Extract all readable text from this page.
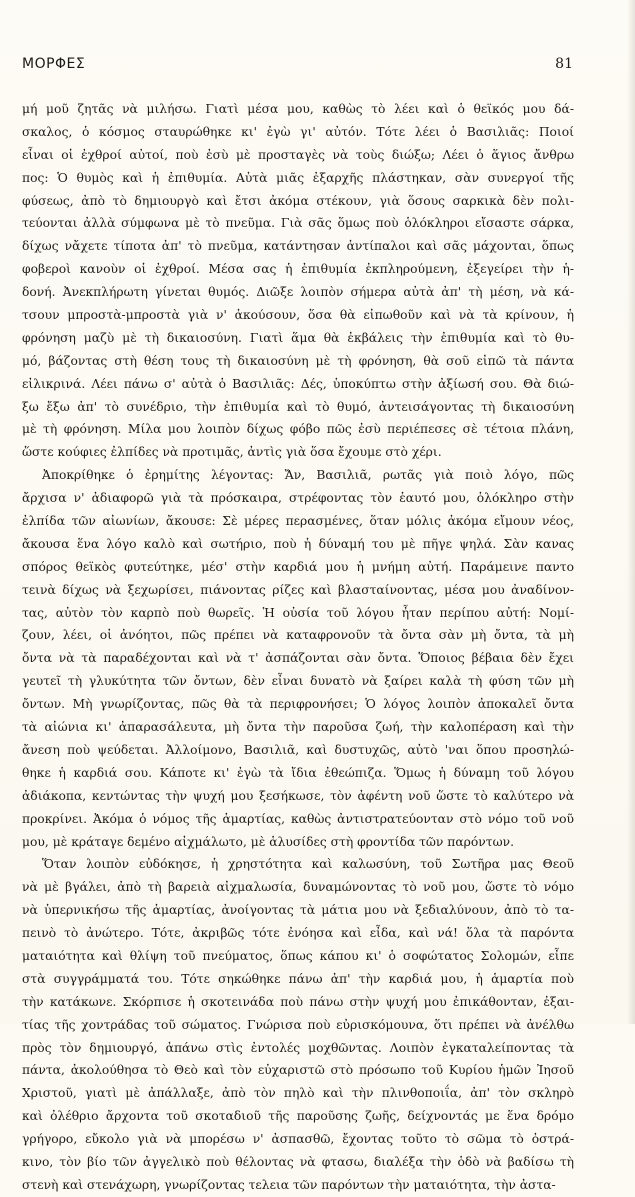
ΜΟΡΦΕΣ	81
μή μοῦ ζητᾶς νὰ μιλήσω. Γιατὶ μέσα μου, καθὼς τὸ λέει καὶ ὁ θεϊκός μου δά-
σκαλος, ὁ κόσμος σταυρώθηκε κι' ἐγὼ γι' αὐτόν. Τότε λέει ὁ Βασιλιᾶς: Ποιοί
εἶναι οἱ ἐχθροί αὐτοί, ποὺ ἐσὺ μὲ προσταγὲς νὰ τοὺς διώξω; Λέει ὁ ἅγιος ἄνθρω
πος: Ὁ θυμὸς καὶ ἡ ἐπιθυμία. Αὐτὰ μιᾶς ἐξαρχῆς πλάστηκαν, σὰν συνεργοί τῆς
φύσεως, ἀπὸ τὸ δημιουργὸ καὶ ἔτσι ἀκόμα στέκουν, γιὰ ὅσους σαρκικὰ δὲν πολι-
τεύονται ἀλλὰ σύμφωνα μὲ τὸ πνεῦμα. Γιὰ σᾶς ὅμως ποὺ ὁλόκληροι εἴσαστε σάρκα,
δίχως νἄχετε τίποτα ἀπ' τὸ πνεῦμα, κατάντησαν ἀντίπαλοι καὶ σᾶς μάχονται, ὅπως
φοβεροὶ κανοὺν οἱ ἐχθροί. Μέσα σας ἡ ἐπιθυμία ἐκπληρούμενη, ἐξεγείρει τὴν ἡ-
δονή. Ἀνεκπλήρωτη γίνεται θυμός. Διῶξε λοιπὸν σήμερα αὐτὰ ἀπ' τὴ μέση, νὰ κά-
τσουν μπροστὰ-μπροστὰ γιὰ ν' ἀκούσουν, ὅσα θὰ εἰπωθοῦν καὶ νὰ τὰ κρίνουν, ἡ
φρόνηση μαζὺ μὲ τὴ δικαιοσύνη. Γιατὶ ἅμα θὰ ἐκβάλεις τὴν ἐπιθυμία καὶ τὸ θυ-
μό, βάζοντας στὴ θέση τους τὴ δικαιοσύνη μὲ τὴ φρόνηση, θὰ σοῦ εἰπῶ τὰ πάντα
εἰλικρινά. Λέει πάνω σ' αὐτὰ ὁ Βασιλιᾶς: Δές, ὑποκύπτω στὴν ἀξίωσή σου. Θὰ διώ-
ξω ἔξω ἀπ' τὸ συνέδριο, τὴν ἐπιθυμία καὶ τὸ θυμό, ἀντεισάγοντας τὴ δικαιοσύνη
μὲ τὴ φρόνηση. Μίλα μου λοιπὸν δίχως φόβο πῶς ἐσὺ περιέπεσες σὲ τέτοια πλάνη,
ὥστε κούφιες ἐλπίδες νὰ προτιμᾶς, ἀντὶς γιὰ ὅσα ἔχουμε στὸ χέρι.
Ἀποκρίθηκε ὁ ἐρημίτης λέγοντας: Ἄν, Βασιλιᾶ, ρωτᾶς γιὰ ποιὸ λόγο, πῶς
ἄρχισα ν' ἀδιαφορῶ γιὰ τὰ πρόσκαιρα, στρέφοντας τὸν ἑαυτό μου, ὁλόκληρο στὴν
ἐλπίδα τῶν αἰωνίων, ἄκουσε: Σὲ μέρες περασμένες, ὅταν μόλις ἀκόμα εἴμουν νέος,
ἄκουσα ἕνα λόγο καλὸ καὶ σωτήριο, ποὺ ἡ δύναμή του μὲ πῆγε ψηλά. Σὰν κανας
σπόρος θεϊκὸς φυτεύτηκε, μέσ' στὴν καρδιά μου ἡ μνήμη αὐτή. Παράμεινε παντο
τεινὰ δίχως νὰ ξεχωρίσει, πιάνοντας ρίζες καὶ βλασταίνοντας, μέσα μου ἀναδίνον-
τας, αὐτὸν τὸν καρπὸ ποὺ θωρεῖς. Ἡ οὐσία τοῦ λόγου ἦταν περίπου αὐτή: Νομί-
ζουν, λέει, οἱ ἀνόητοι, πῶς πρέπει νὰ καταφρονοῦν τὰ ὄντα σὰν μὴ ὄντα, τὰ μὴ
ὄντα νὰ τὰ παραδέχονται καὶ νὰ τ' ἀσπάζονται σὰν ὄντα. Ὅποιος βέβαια δὲν ἔχει
γευτεῖ τὴ γλυκύτητα τῶν ὄντων, δὲν εἶναι δυνατὸ νὰ ξαίρει καλὰ τὴ φύση τῶν μὴ
ὄντων. Μὴ γνωρίζοντας, πῶς θὰ τὰ περιφρονήσει; Ὁ λόγος λοιπὸν ἀποκαλεῖ ὄντα
τὰ αἰώνια κι' ἀπαρασάλευτα, μὴ ὄντα τὴν παροῦσα ζωή, τὴν καλοπέραση καὶ τὴν
ἄνεση ποὺ ψεύδεται. Ἀλλοίμονο, Βασιλιᾶ, καὶ δυστυχῶς, αὐτὸ 'ναι ὅπου προσηλώ-
θηκε ἡ καρδιά σου. Κάποτε κι' ἐγὼ τὰ ἴδια ἐθεώπιζα. Ὅμως ἡ δύναμη τοῦ λόγου
ἀδιάκοπα, κεντώντας τὴν ψυχή μου ξεσήκωσε, τὸν ἀφέντη νοῦ ὥστε τὸ καλύτερο νὰ
προκρίνει. Ἀκόμα ὁ νόμος τῆς ἁμαρτίας, καθὼς ἀντιστρατεύονταν στὸ νόμο τοῦ νοῦ
μου, μὲ κράταγε δεμένο αἰχμάλωτο, μὲ ἁλυσίδες στὴ φροντίδα τῶν παρόντων.
Ὅταν λοιπὸν εὐδόκησε, ἡ χρηστότητα καὶ καλωσύνη, τοῦ Σωτῆρα μας Θεοῦ
νὰ μὲ βγάλει, ἀπὸ τὴ βαρειὰ αἰχμαλωσία, δυναμώνοντας τὸ νοῦ μου, ὥστε τὸ νόμο
νὰ ὑπερνικήσω τῆς ἁμαρτίας, ἀνοίγοντας τὰ μάτια μου νὰ ξεδιαλύνουν, ἀπὸ τὸ τα-
πεινὸ τὸ ἀνώτερο. Τότε, ἀκριβῶς τότε ἐνόησα καὶ εἶδα, καὶ νά! ὅλα τὰ παρόντα
ματαιότητα καὶ θλίψη τοῦ πνεύματος, ὅπως κάπου κι' ὁ σοφώτατος Σολομών, εἶπε
στὰ συγγράμματά του. Τότε σηκώθηκε πάνω ἀπ' τὴν καρδιά μου, ἡ ἁμαρτία ποὺ
τὴν κατάκωνε. Σκόρπισε ἡ σκοτεινάδα ποὺ πάνω στὴν ψυχή μου ἐπικάθονταν, ἐξαι-
τίας τῆς χοντράδας τοῦ σώματος. Γνώρισα ποὺ εὐρισκόμουνα, ὅτι πρέπει νὰ ἀνέλθω
πρὸς τὸν δημιουργό, ἀπάνω στὶς ἐντολές μοχθῶντας. Λοιπὸν ἐγκαταλείποντας τὰ
πάντα, ἀκολούθησα τὸ Θεὸ καὶ τὸν εὐχαριστῶ στὸ πρόσωπο τοῦ Κυρίου ἡμῶν Ἰησοῦ
Χριστοῦ, γιατὶ μὲ ἀπάλλαξε, ἀπὸ τὸν πηλὸ καὶ τὴν πλινθοποιΐα, ἀπ' τὸν σκληρὸ
καὶ ὀλέθριο ἄρχοντα τοῦ σκοταδιοῦ τῆς παροῦσης ζωῆς, δείχνοντάς με ἕνα δρόμο
γρήγορο, εὔκολο γιὰ νὰ μπορέσω ν' ἀσπασθῶ, ἔχοντας τοῦτο τὸ σῶμα τὸ ὀστρά-
κινο, τὸν βίο τῶν ἀγγελικὸ ποὺ θέλοντας νὰ φτασω, διαλέξα τὴν ὁδὸ νὰ βαδίσω τὴ
στενὴ καὶ στενάχωρη, γνωρίζοντας τελεια τῶν παρόντων τὴν ματαιότητα, τὴν ἀστα-
